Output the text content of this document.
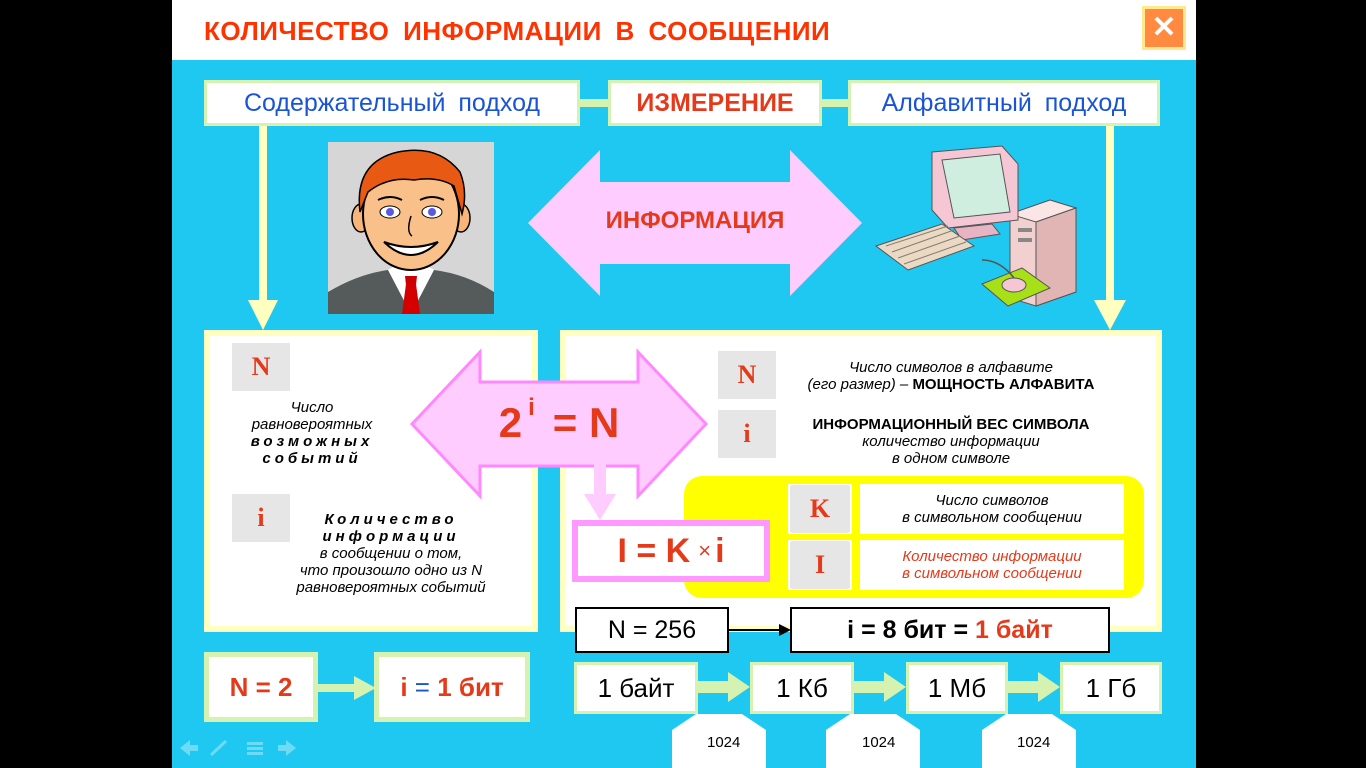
КОЛИЧЕСТВО ИНФОРМАЦИИ В СООБЩЕНИИ	✕
Содержательный подход	ИЗМЕРЕНИЕ	Алфавитный подход
ИНФОРМАЦИЯ
N
Число
равновероятных
возможных
событий
i	Количество
информации
в сообщении о том,
что произошло одно из N
равновероятных событий
N	Число символов в алфавите
(его размер) – МОЩНОСТЬ АЛФАВИТА
i	ИНФОРМАЦИОННЫЙ ВЕС СИМВОЛА
количество информации
в одном символе
K	Число символов
в символьном сообщении
I	Количество информации
в символьном сообщении
2 $^i$ = N
I = K × i
N = 2	i
=
1 бит
N = 256	i = 8 бит =
1 байт
1 байт	1 Кб	1 Мб	1 Гб
1024	1024	1024
